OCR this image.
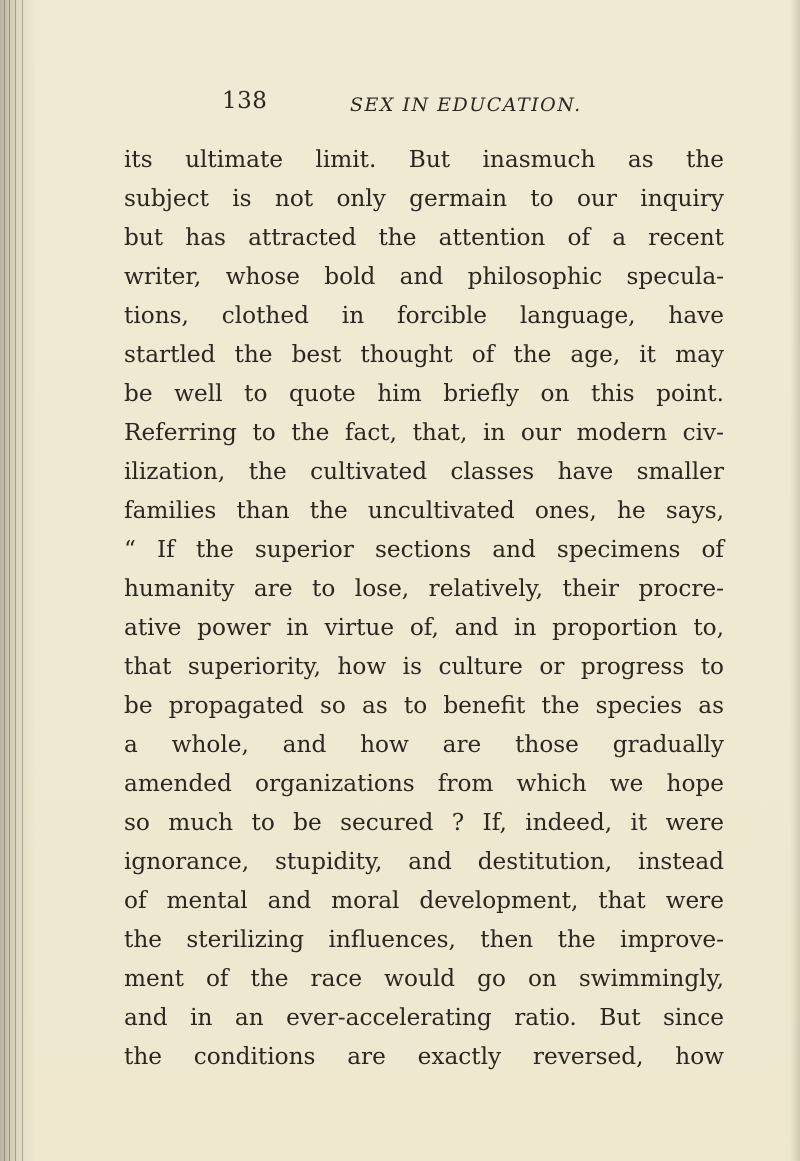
138	SEX IN EDUCATION.
its ultimate limit. But inasmuch as the
subject is not only germain to our inquiry
but has attracted the attention of a recent
writer, whose bold and philosophic specula-
tions, clothed in forcible language, have
startled the best thought of the age, it may
be well to quote him briefly on this point.
Referring to the fact, that, in our modern civ-
ilization, the cultivated classes have smaller
families than the uncultivated ones, he says,
“ If the superior sections and specimens of
humanity are to lose, relatively, their procre-
ative power in virtue of, and in proportion to,
that superiority, how is culture or progress to
be propagated so as to benefit the species as
a whole, and how are those gradually
amended organizations from which we hope
so much to be secured ? If, indeed, it were
ignorance, stupidity, and destitution, instead
of mental and moral development, that were
the sterilizing influences, then the improve-
ment of the race would go on swimmingly,
and in an ever-accelerating ratio. But since
the conditions are exactly reversed, how
